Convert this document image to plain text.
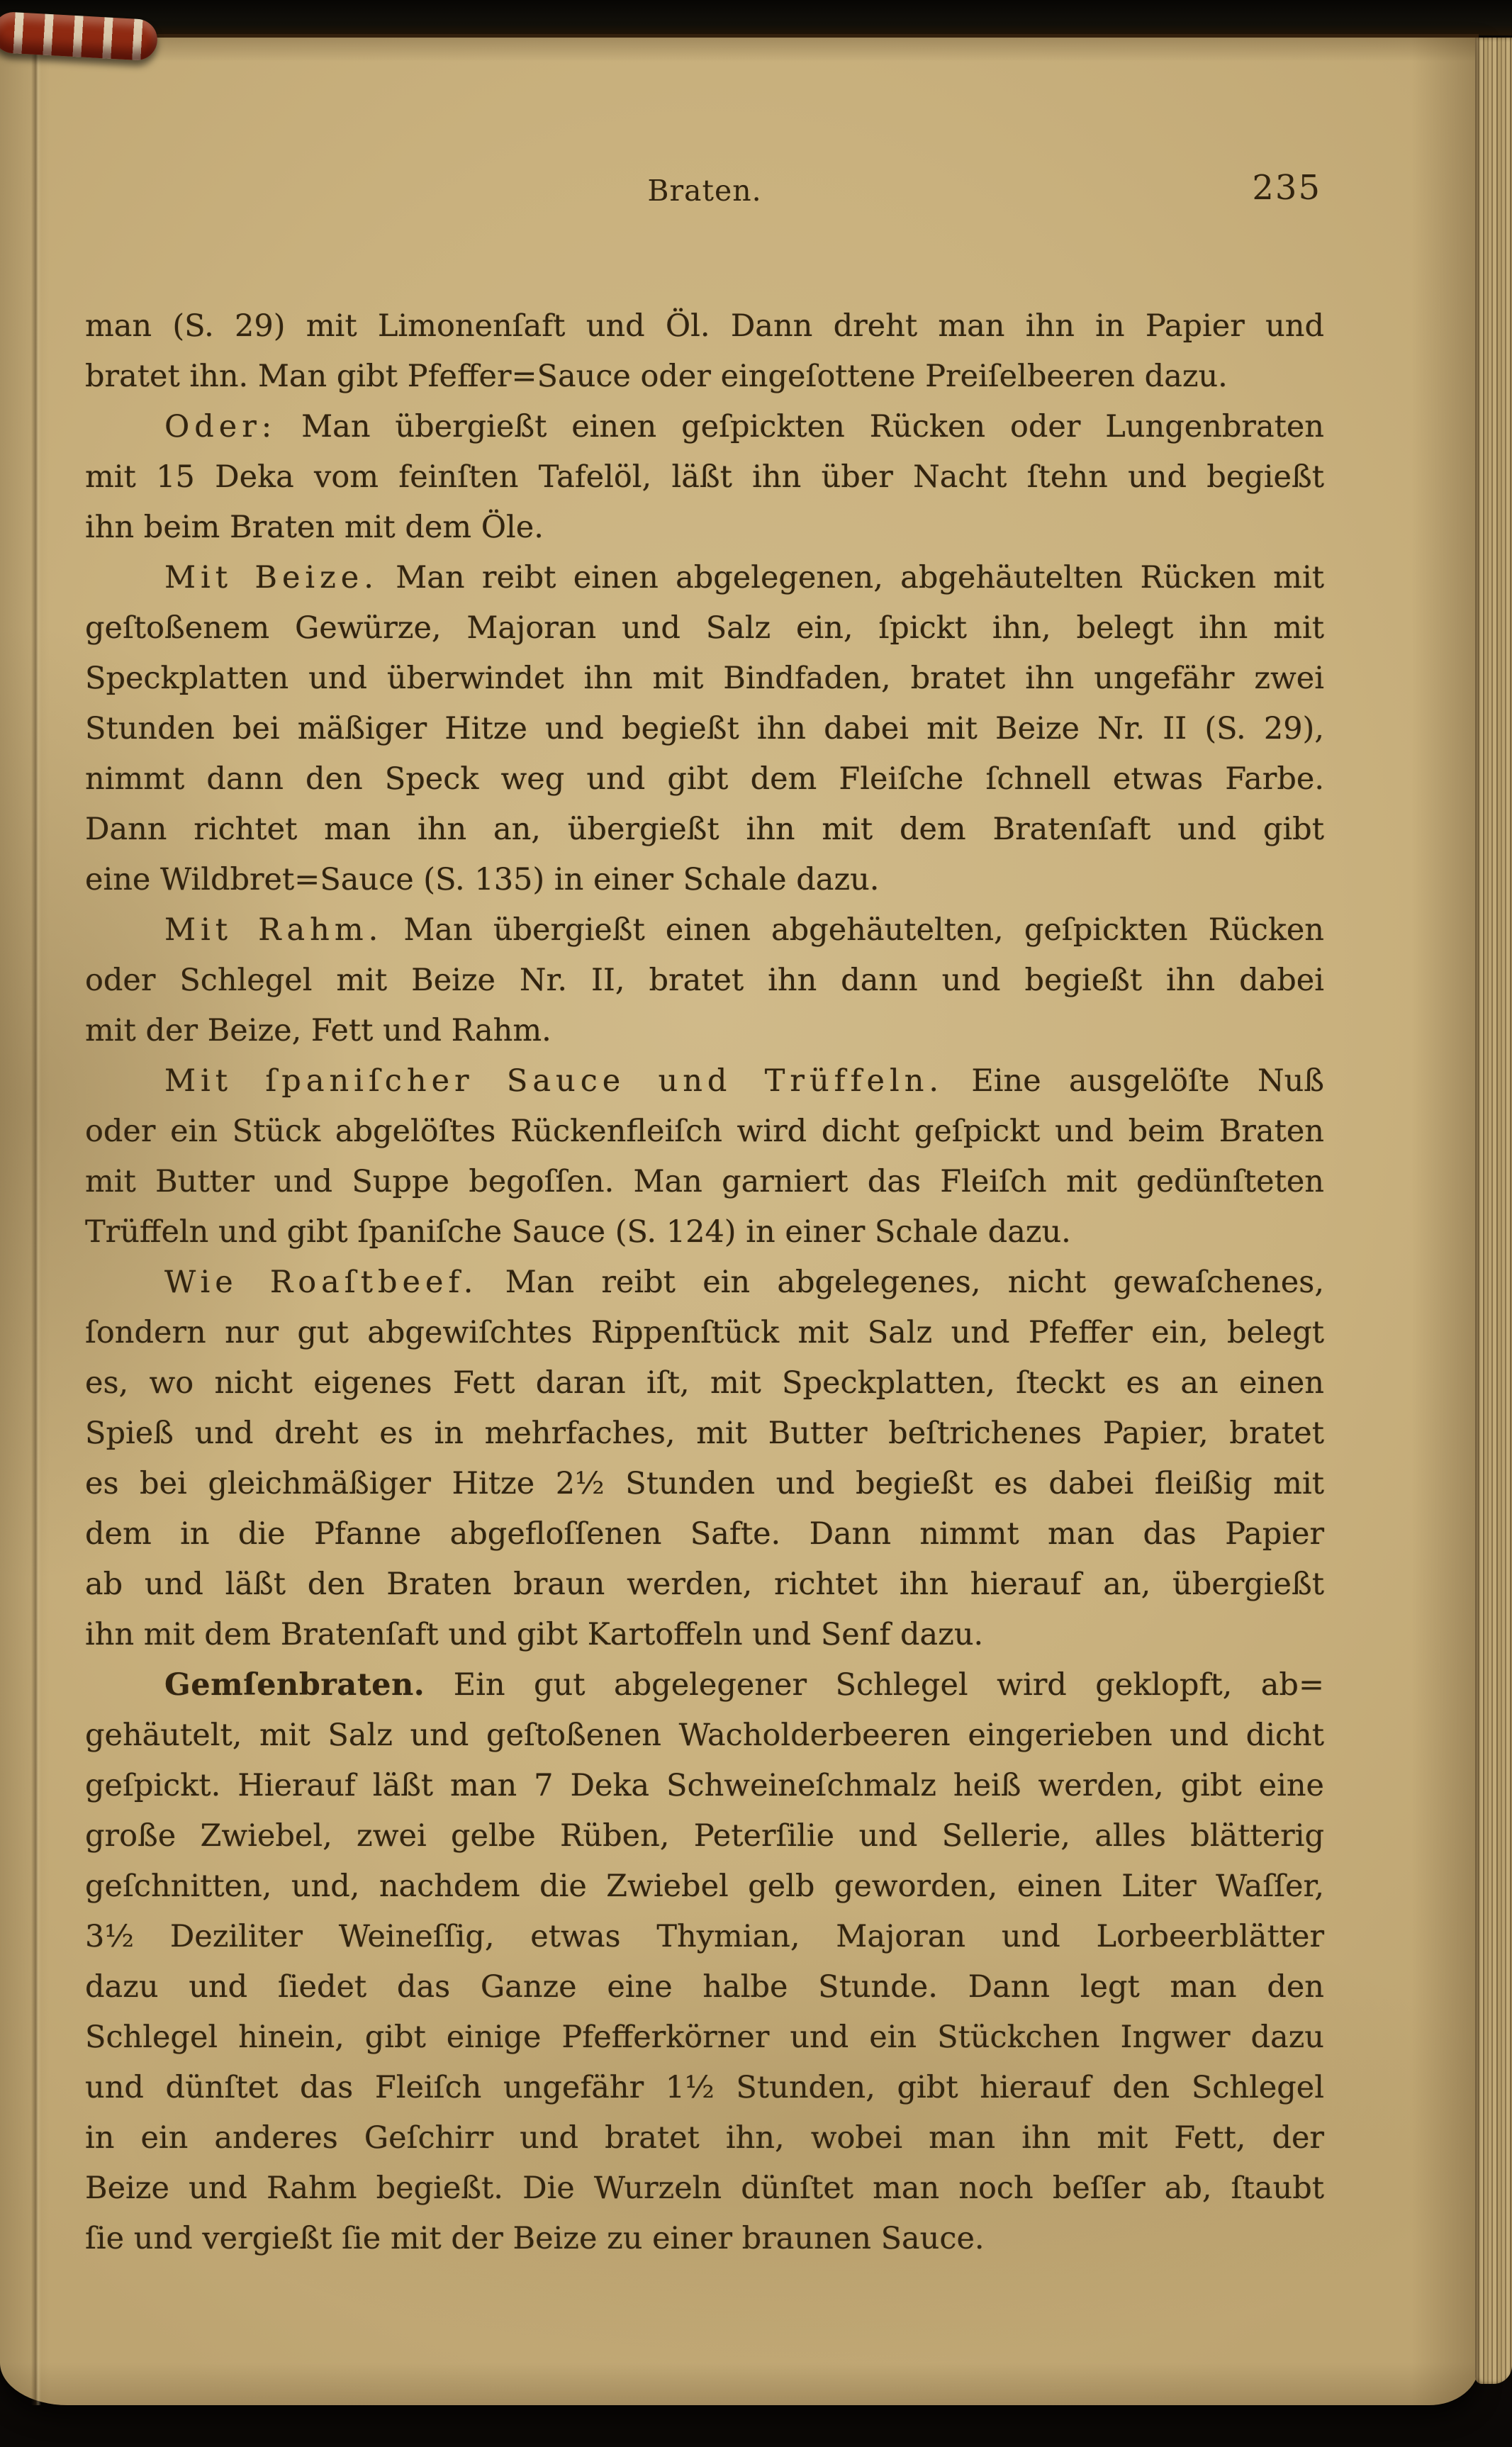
Braten.	235
man (S. 29) mit Limonenſaft und Öl. Dann dreht man ihn in Papier und
bratet ihn. Man gibt Pfeffer=Sauce oder eingeſottene Preiſelbeeren dazu.
Oder: Man übergießt einen geſpickten Rücken oder Lungenbraten
mit 15 Deka vom feinſten Tafelöl, läßt ihn über Nacht ſtehn und begießt
ihn beim Braten mit dem Öle.
Mit Beize. Man reibt einen abgelegenen, abgehäutelten Rücken mit
geſtoßenem Gewürze, Majoran und Salz ein, ſpickt ihn, belegt ihn mit
Speckplatten und überwindet ihn mit Bindfaden, bratet ihn ungefähr zwei
Stunden bei mäßiger Hitze und begießt ihn dabei mit Beize Nr. II (S. 29),
nimmt dann den Speck weg und gibt dem Fleiſche ſchnell etwas Farbe.
Dann richtet man ihn an, übergießt ihn mit dem Bratenſaft und gibt
eine Wildbret=Sauce (S. 135) in einer Schale dazu.
Mit Rahm. Man übergießt einen abgehäutelten, geſpickten Rücken
oder Schlegel mit Beize Nr. II, bratet ihn dann und begießt ihn dabei
mit der Beize, Fett und Rahm.
Mit ſpaniſcher Sauce und Trüffeln. Eine ausgelöſte Nuß
oder ein Stück abgelöſtes Rückenfleiſch wird dicht geſpickt und beim Braten
mit Butter und Suppe begoſſen. Man garniert das Fleiſch mit gedünſteten
Trüffeln und gibt ſpaniſche Sauce (S. 124) in einer Schale dazu.
Wie Roaſtbeef. Man reibt ein abgelegenes, nicht gewaſchenes,
ſondern nur gut abgewiſchtes Rippenſtück mit Salz und Pfeffer ein, belegt
es, wo nicht eigenes Fett daran iſt, mit Speckplatten, ſteckt es an einen
Spieß und dreht es in mehrfaches, mit Butter beſtrichenes Papier, bratet
es bei gleichmäßiger Hitze 2½ Stunden und begießt es dabei fleißig mit
dem in die Pfanne abgefloſſenen Safte. Dann nimmt man das Papier
ab und läßt den Braten braun werden, richtet ihn hierauf an, übergießt
ihn mit dem Bratenſaft und gibt Kartoffeln und Senf dazu.
Gemſenbraten. Ein gut abgelegener Schlegel wird geklopft, ab=
gehäutelt, mit Salz und geſtoßenen Wacholderbeeren eingerieben und dicht
geſpickt. Hierauf läßt man 7 Deka Schweineſchmalz heiß werden, gibt eine
große Zwiebel, zwei gelbe Rüben, Peterſilie und Sellerie, alles blätterig
geſchnitten, und, nachdem die Zwiebel gelb geworden, einen Liter Waſſer,
3½ Deziliter Weineſſig, etwas Thymian, Majoran und Lorbeerblätter
dazu und ſiedet das Ganze eine halbe Stunde. Dann legt man den
Schlegel hinein, gibt einige Pfefferkörner und ein Stückchen Ingwer dazu
und dünſtet das Fleiſch ungefähr 1½ Stunden, gibt hierauf den Schlegel
in ein anderes Geſchirr und bratet ihn, wobei man ihn mit Fett, der
Beize und Rahm begießt. Die Wurzeln dünſtet man noch beſſer ab, ſtaubt
ſie und vergießt ſie mit der Beize zu einer braunen Sauce.
